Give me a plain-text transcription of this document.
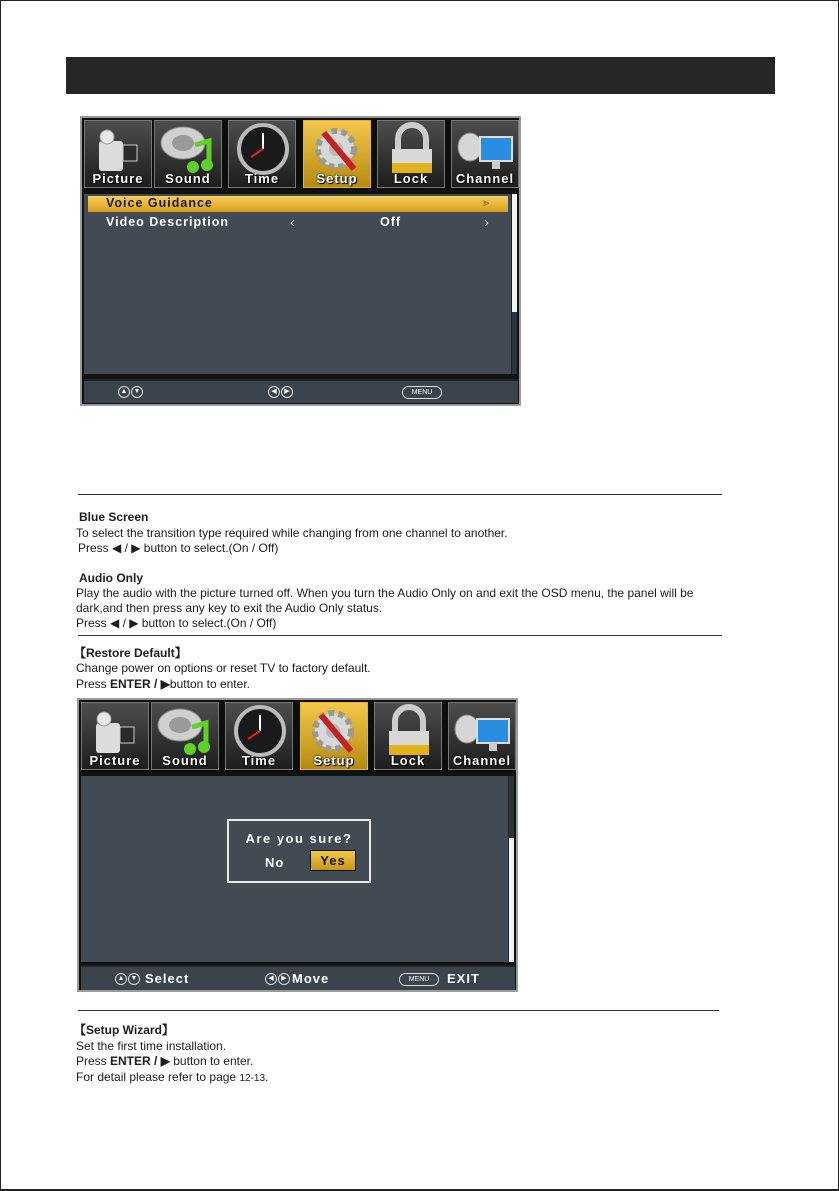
Picture	Sound	Time	Setup	Lock	Channel
Voice Guidance	⪢
Video Description	‹	Off	›
▲ ▼	◀	▶	MENU
Blue Screen
To select the transition type required while changing from one channel to another.
Press ◀ / ▶ button to select.(On / Off)
Audio Only
Play the audio with the picture turned off. When you turn the Audio Only on and exit the OSD menu, the panel will be
dark,and then press any key to exit the Audio Only status.
Press ◀ / ▶ button to select.(On / Off)
【Restore Default】
Change power on options or reset TV to factory default.
Press ENTER / ▶button to enter.
Picture	Sound	Time	Setup	Lock	Channel
Are you sure?
No	Yes
▲ ▼ Select	◀	▶ Move	MENU	EXIT
【Setup Wizard】
Set the first time installation.
Press ENTER / ▶ button to enter.
For detail please refer to page 12-13.
